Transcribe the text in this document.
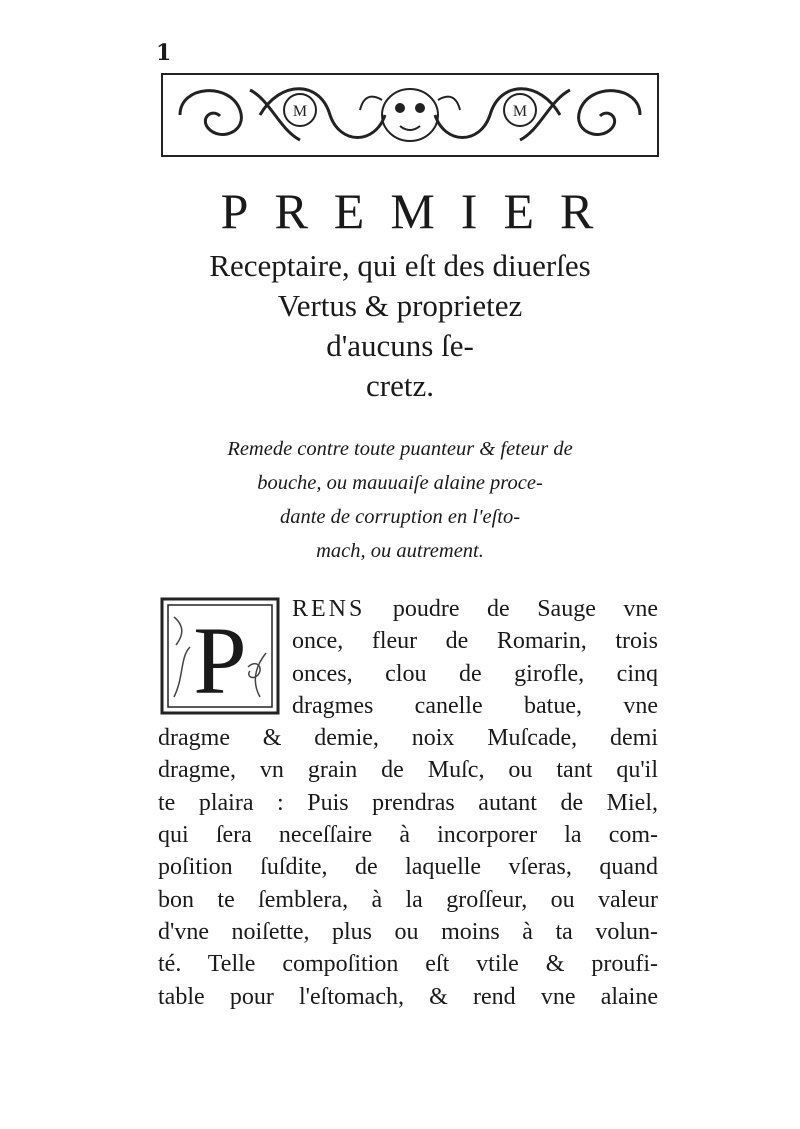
1
M	M
PREMIER
Receptaire, qui eſt des diuerſes
Vertus & proprietez
d'aucuns ſe-
cretz.
Remede contre toute puanteur & feteur de
bouche, ou mauuaiſe alaine proce-
dante de corruption en l'eſto-
mach, ou autrement.
P	RENS poudre de Sauge vne
once, fleur de Romarin, trois
onces, clou de girofle, cinq
dragmes canelle batue, vne
dragme & demie, noix Muſcade, demi
dragme, vn grain de Muſc, ou tant qu'il
te plaira : Puis prendras autant de Miel,
qui ſera neceſſaire à incorporer la com-
poſition ſuſdite, de laquelle vſeras, quand
bon te ſemblera, à la groſſeur, ou valeur
d'vne noiſette, plus ou moins à ta volun-
té. Telle compoſition eſt vtile & proufi-
table pour l'eſtomach, & rend vne alaine
